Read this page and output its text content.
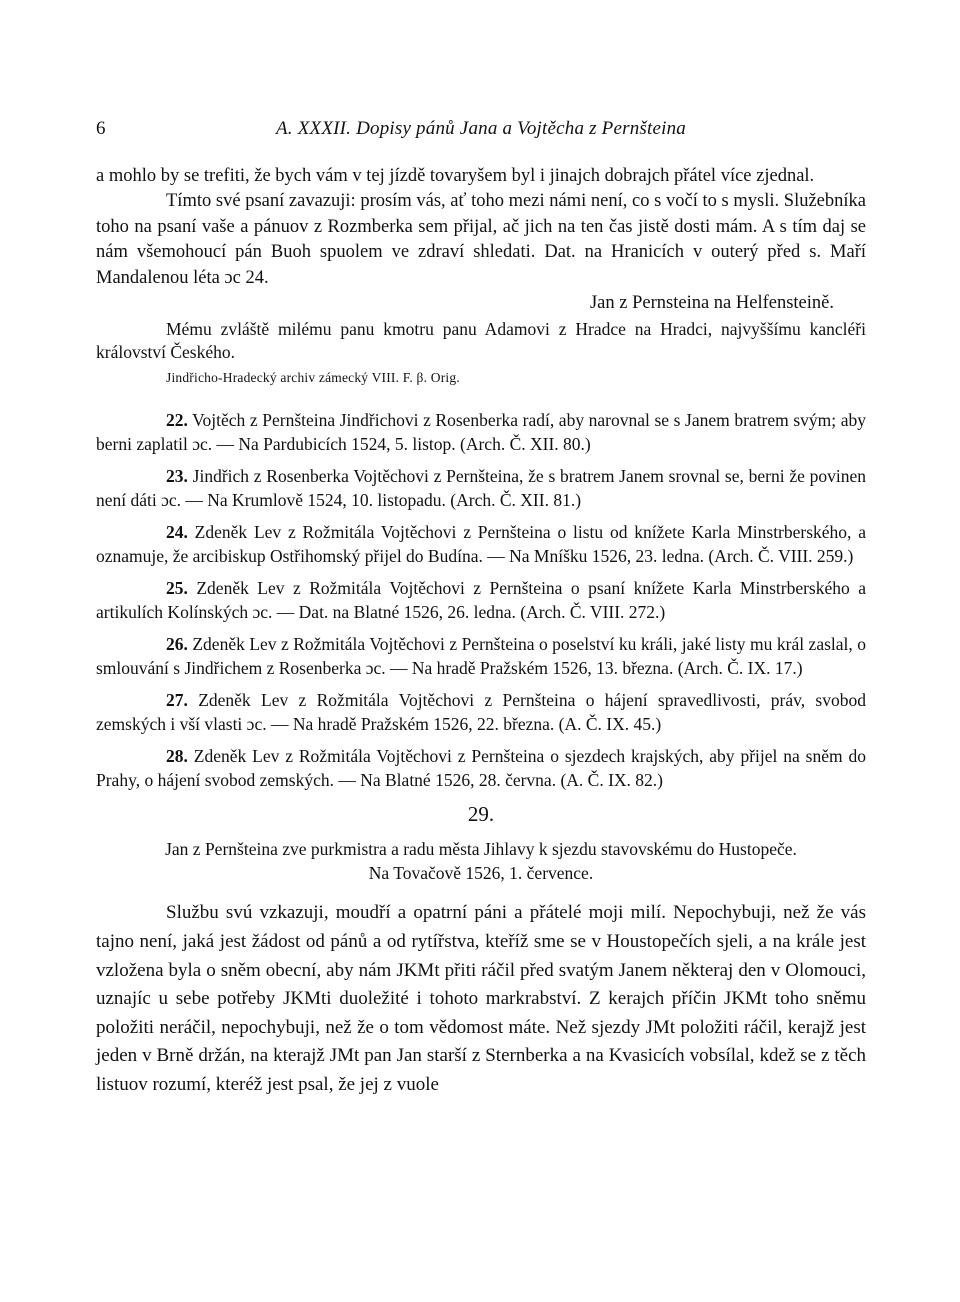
6	A. XXXII. Dopisy pánů Jana a Vojtěcha z Pernšteina

a mohlo by se trefiti, že bych vám v tej jízdě tovaryšem byl i jinajch dobrajch přátel více zjednal.

Tímto své psaní zavazuji: prosím vás, ať toho mezi námi není, co s vočí to s mysli. Služebníka toho na psaní vaše a pánuov z Rozmberka sem přijal, ač jich na ten čas jistě dosti mám. A s tím daj se nám všemohoucí pán Buoh spuolem ve zdraví shledati. Dat. na Hranicích v outerý před s. Maří Mandalenou léta ɔc 24.

Jan z Pernsteina na Helfensteině.

Mému zvláště milému panu kmotru panu Adamovi z Hradce na Hradci, najvyššímu kancléři království Českého.

Jindřicho-Hradecký archiv zámecký VIII. F. β. Orig.

22. Vojtěch z Pernšteina Jindřichovi z Rosenberka radí, aby narovnal se s Janem bratrem svým; aby berni zaplatil ɔc. — Na Pardubicích 1524, 5. listop. (Arch. Č. XII. 80.)

23. Jindřich z Rosenberka Vojtěchovi z Pernšteina, že s bratrem Janem srovnal se, berni že povinen není dáti ɔc. — Na Krumlově 1524, 10. listopadu. (Arch. Č. XII. 81.)

24. Zdeněk Lev z Rožmitála Vojtěchovi z Pernšteina o listu od knížete Karla Minstrberského, a oznamuje, že arcibiskup Ostřihomský přijel do Budína. — Na Mníšku 1526, 23. ledna. (Arch. Č. VIII. 259.)

25. Zdeněk Lev z Rožmitála Vojtěchovi z Pernšteina o psaní knížete Karla Minstrberského a artikulích Kolínských ɔc. — Dat. na Blatné 1526, 26. ledna. (Arch. Č. VIII. 272.)

26. Zdeněk Lev z Rožmitála Vojtěchovi z Pernšteina o poselství ku králi, jaké listy mu král zaslal, o smlouvání s Jindřichem z Rosenberka ɔc. — Na hradě Pražském 1526, 13. března. (Arch. Č. IX. 17.)

27. Zdeněk Lev z Rožmitála Vojtěchovi z Pernšteina o hájení spravedlivosti, práv, svobod zemských i vší vlasti ɔc. — Na hradě Pražském 1526, 22. března. (A. Č. IX. 45.)

28. Zdeněk Lev z Rožmitála Vojtěchovi z Pernšteina o sjezdech krajských, aby přijel na sněm do Prahy, o hájení svobod zemských. — Na Blatné 1526, 28. června. (A. Č. IX. 82.)

29.

Jan z Pernšteina zve purkmistra a radu města Jihlavy k sjezdu stavovskému do Hustopeče.

Na Tovačově 1526, 1. července.

Službu svú vzkazuji, moudří a opatrní páni a přátelé moji milí. Nepochybuji, než že vás tajno není, jaká jest žádost od pánů a od rytířstva, kteříž sme se v Houstopečích sjeli, a na krále jest vzložena byla o sněm obecní, aby nám JKMt přiti ráčil před svatým Janem některaj den v Olomouci, uznajíc u sebe potřeby JKMti duoležité i tohoto markrabství. Z kerajch příčin JKMt toho sněmu položiti neráčil, nepochybuji, než že o tom vědomost máte. Než sjezdy JMt položiti ráčil, kerajž jest jeden v Brně držán, na kterajž JMt pan Jan starší z Sternberka a na Kvasicích vobsílal, kdež se z těch listuov rozumí, kteréž jest psal, že jej z vuole
